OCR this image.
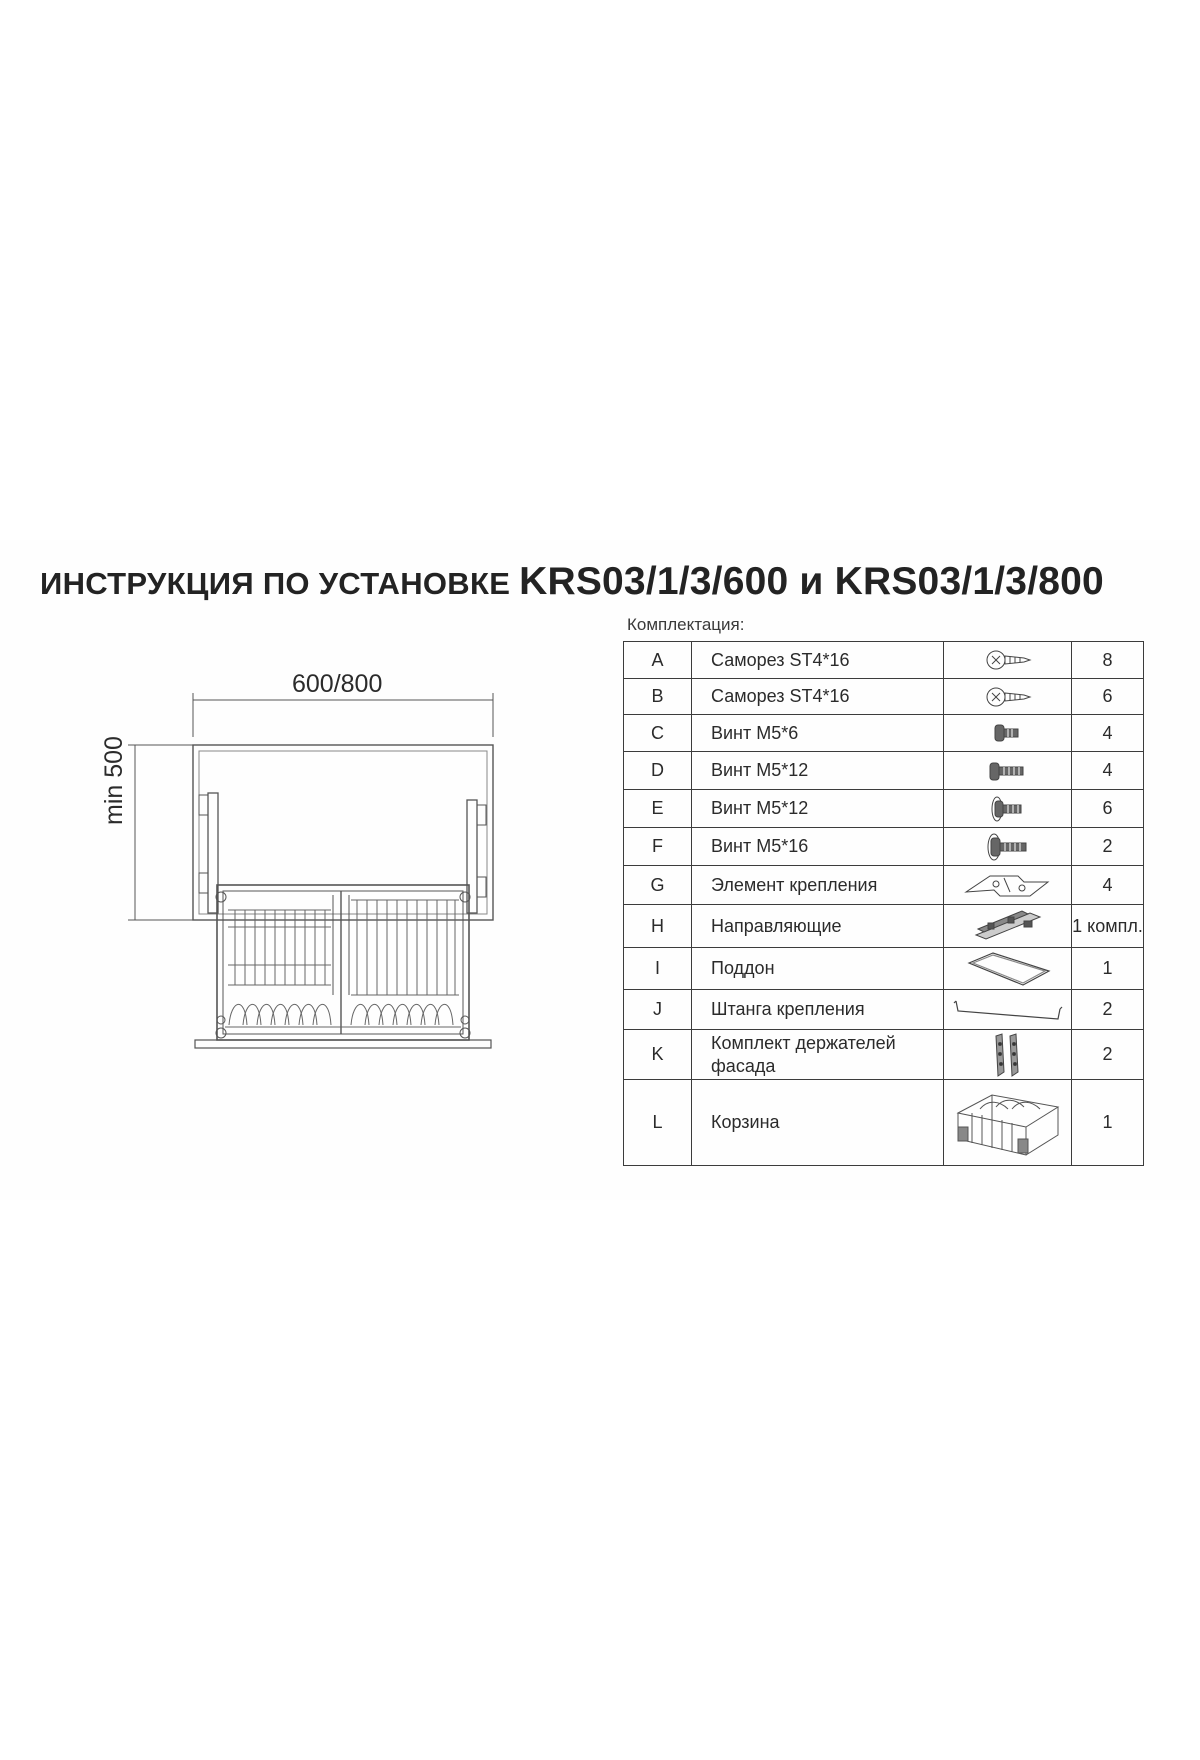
ИНСТРУКЦИЯ ПО УСТАНОВКЕ KRS03/1/3/600 и KRS03/1/3/800
600/800
min 500
Комплектация:
A	Саморез ST4*16		8
B	Саморез ST4*16		6
C	Винт M5*6		4
D	Винт M5*12		4
E	Винт M5*12		6
F	Винт M5*16		2
G	Элемент крепления		4
H	Направляющие		1 компл.
I	Поддон		1
J	Штанга крепления		2
K	Комплект держателей фасада		2
L	Корзина		1
